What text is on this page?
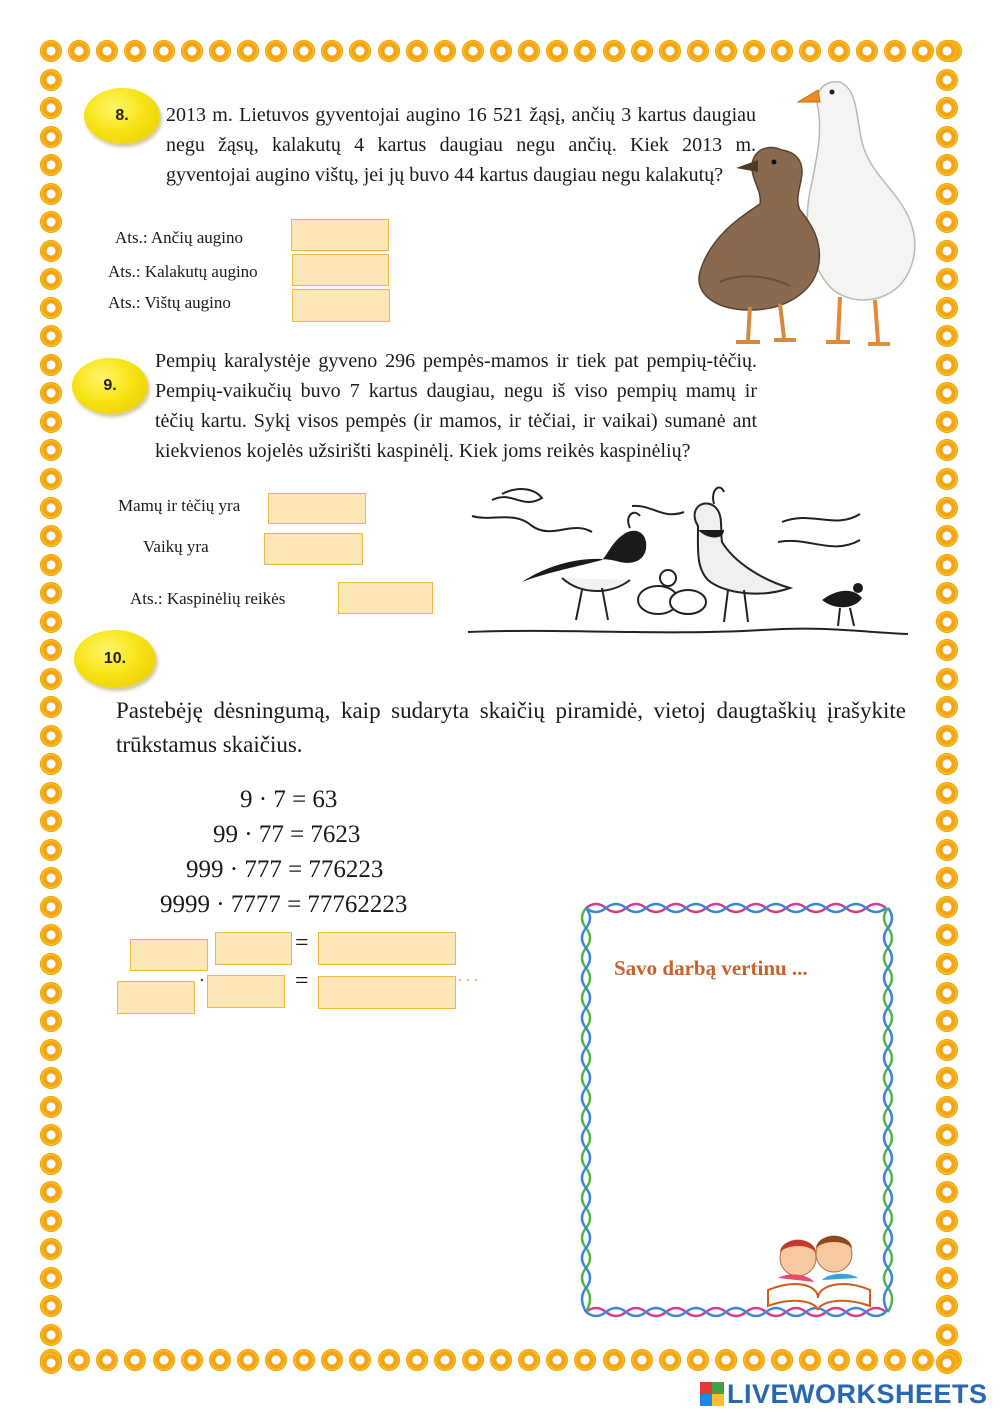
8. 2013 m. Lietuvos gyventojai augino 16 521 žąsį, ančių 3 kartus daugiau negu žąsų, kalakutų 4 kartus daugiau negu ančių. Kiek 2013 m. gyventojai augino vištų, jei jų buvo 44 kartus daugiau negu kalakutų?
Ats.: Ančių augino
Ats.: Kalakutų augino
Ats.: Vištų augino
9.
Pempių karalystėje gyveno 296 pempės-mamos ir tiek pat pempių-tėčių. Pempių-vaikučių buvo 7 kartus daugiau, negu iš viso pempių mamų ir tėčių kartu. Sykį visos pempės (ir mamos, ir tėčiai, ir vaikai) sumanė ant kiekvienos kojelės užsirišti kaspinėlį. Kiek joms reikės kaspinėlių?
Mamų ir tėčių yra
Vaikų yra
Ats.: Kaspinėlių reikės
10.
Pastebėję dėsningumą, kaip sudaryta skaičių piramidė, vietoj daugtaškių įrašykite trūkstamus skaičius.
9 · 7 = 63
99 · 77 = 7623
999 · 777 = 776223
9999 · 7777 = 77762223
=
·	=	. . .	Savo darbą vertinu ...
LIVEWORKSHEETS
